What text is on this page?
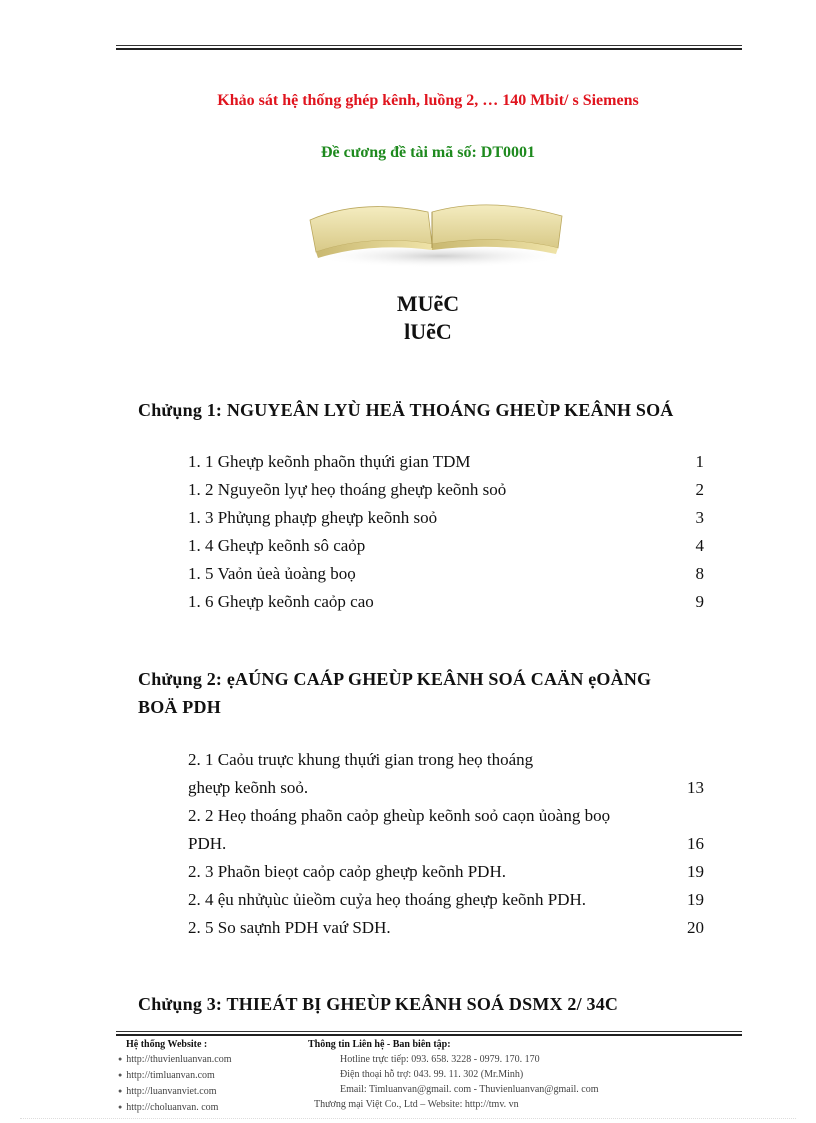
Khảo sát hệ thống ghép kênh, luồng 2, … 140 Mbit/ s Siemens
Đề cương đề tài mã số: DT0001
MUẽC
lUẽC
Chửụng 1: NGUYEÂN LYÙ HEÄ THOÁNG GHEÙP KEÂNH SOÁ
1. 1 Gheựp keõnh phaõn thụứi gian TDM	1
1. 2 Nguyeõn lyự heọ thoáng gheựp keõnh soỏ	2
1. 3 Phửụng phaựp gheựp keõnh soỏ	3
1. 4 Gheựp keõnh sô caỏp	4
1. 5 Vaỏn ủeà ủoàng boọ	8
1. 6 Gheựp keõnh caỏp cao	9
Chửụng 2: ẹAÚNG CAÁP GHEÙP KEÂNH SOÁ CAÄN ẹOÀNG
BOÄ PDH
2. 1 Caỏu truực khung thụứi gian trong heọ thoáng
gheựp keõnh soỏ.	13
2. 2 Heọ thoáng phaõn caỏp gheùp keõnh soỏ caọn ủoàng boọ
PDH.	16
2. 3 Phaõn bieọt caỏp caỏp gheựp keõnh PDH.	19
2. 4 ệu nhửụùc ủieồm cuỷa heọ thoáng gheựp keõnh PDH.	19
2. 5 So saựnh PDH vaứ SDH.	20
Chửụng 3: THIEÁT BỊ GHEÙP KEÂNH SOÁ DSMX 2/ 34C
Hệ thống Website :
● http://thuvienluanvan.com
● http://timluanvan.com
● http://luanvanviet.com
● http://choluanvan. com
Thông tin Liên hệ - Ban biên tập:
Hotline trực tiếp: 093. 658. 3228 - 0979. 170. 170
Điện thoại hỗ trợ: 043. 99. 11. 302 (Mr.Minh)
Email: Timluanvan@gmail. com - Thuvienluanvan@gmail. com
Thương mại Việt Co., Ltd – Website: http://tmv. vn
